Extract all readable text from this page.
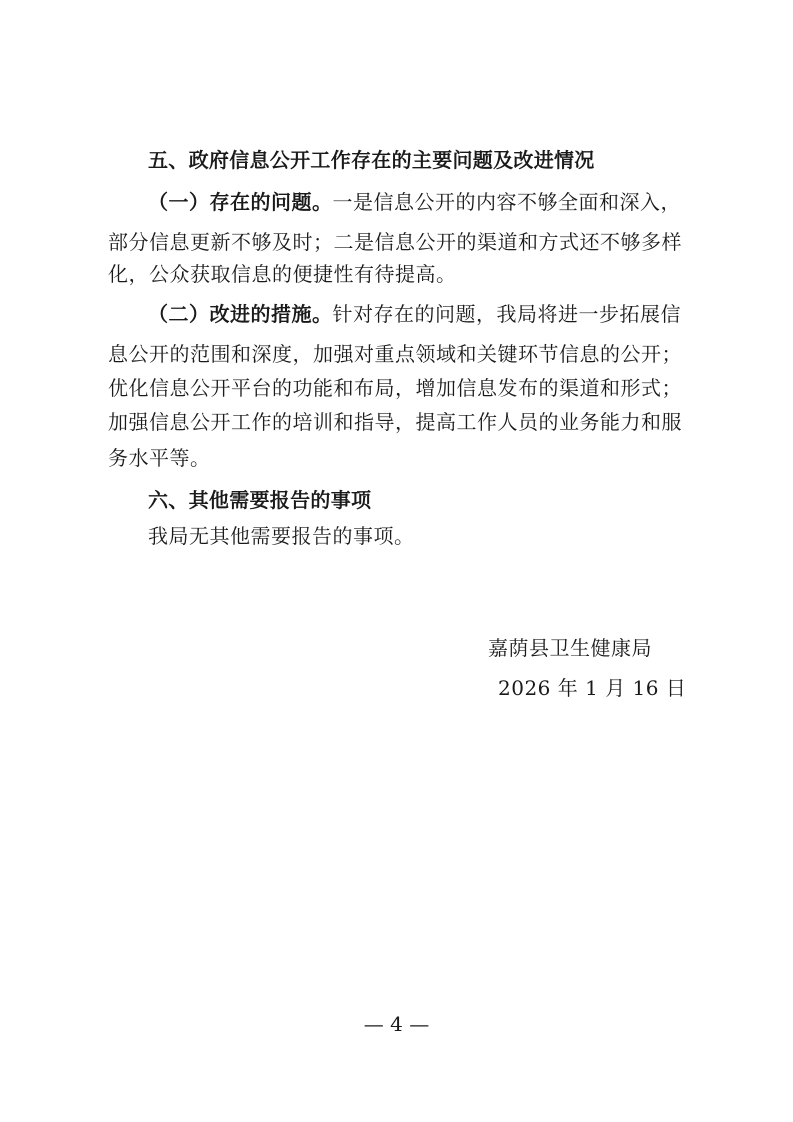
五、政府信息公开工作存在的主要问题及改进情况
（一）存在的问题。一是信息公开的内容不够全面和深入，
部分信息更新不够及时；二是信息公开的渠道和方式还不够多样
化，公众获取信息的便捷性有待提高。
（二）改进的措施。针对存在的问题，我局将进一步拓展信
息公开的范围和深度，加强对重点领域和关键环节信息的公开；
优化信息公开平台的功能和布局，增加信息发布的渠道和形式；
加强信息公开工作的培训和指导，提高工作人员的业务能力和服
务水平等。
六、其他需要报告的事项
我局无其他需要报告的事项。
嘉荫县卫生健康局
2026 年 1 月 16 日
— 4 —
